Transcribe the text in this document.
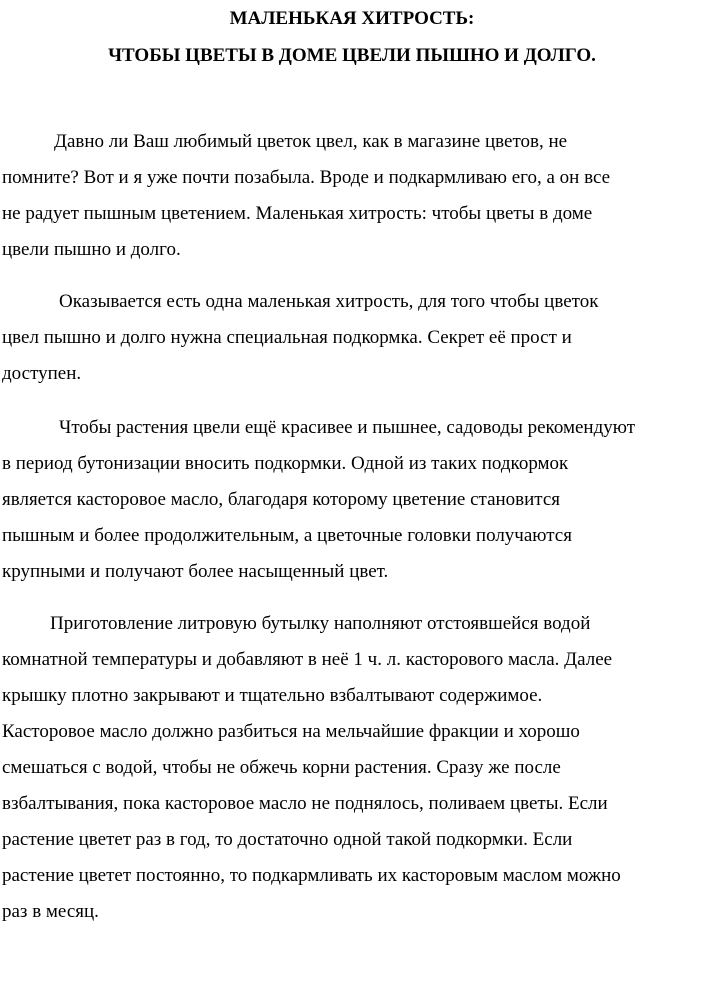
МАЛЕНЬКАЯ ХИТРОСТЬ:
ЧТОБЫ ЦВЕТЫ В ДОМЕ ЦВЕЛИ ПЫШНО И ДОЛГО.

Давно ли Ваш любимый цветок цвел, как в магазине цветов, не
помните? Вот и я уже почти позабыла. Вроде и подкармливаю его, а он все
не радует пышным цветением. Маленькая хитрость: чтобы цветы в доме
цвели пышно и долго.

Оказывается есть одна маленькая хитрость, для того чтобы цветок
цвел пышно и долго нужна специальная подкормка. Секрет её прост и
доступен.

Чтобы растения цвели ещё красивее и пышнее, садоводы рекомендуют
в период бутонизации вносить подкормки. Одной из таких подкормок
является касторовое масло, благодаря которому цветение становится
пышным и более продолжительным, а цветочные головки получаются
крупными и получают более насыщенный цвет.

Приготовление литровую бутылку наполняют отстоявшейся водой
комнатной температуры и добавляют в неё 1 ч. л. касторового масла. Далее
крышку плотно закрывают и тщательно взбалтывают содержимое.
Касторовое масло должно разбиться на мельчайшие фракции и хорошо
смешаться с водой, чтобы не обжечь корни растения. Сразу же после
взбалтывания, пока касторовое масло не поднялось, поливаем цветы. Если
растение цветет раз в год, то достаточно одной такой подкормки. Если
растение цветет постоянно, то подкармливать их касторовым маслом можно
раз в месяц.
